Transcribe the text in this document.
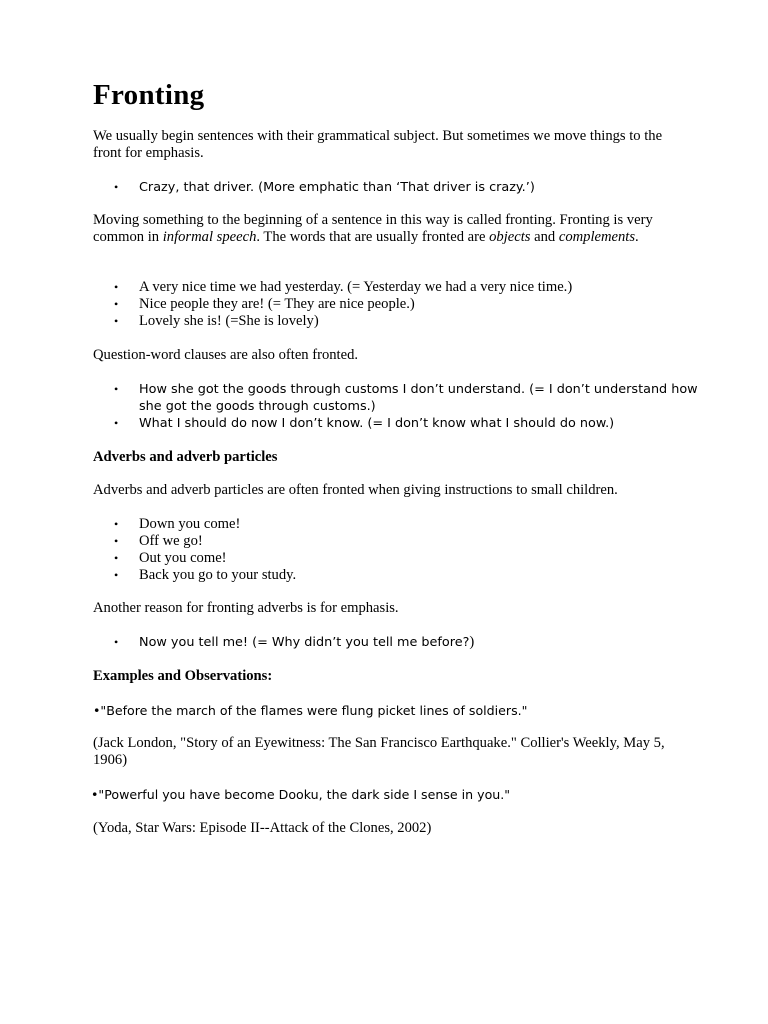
Fronting

We usually begin sentences with their grammatical subject. But sometimes we move things to the front for emphasis.

• Crazy, that driver. (More emphatic than ‘That driver is crazy.’)

Moving something to the beginning of a sentence in this way is called fronting. Fronting is very common in informal speech. The words that are usually fronted are objects and complements.

• A very nice time we had yesterday. (= Yesterday we had a very nice time.)
• Nice people they are! (= They are nice people.)
• Lovely she is! (=She is lovely)

Question-word clauses are also often fronted.

• How she got the goods through customs I don’t understand. (= I don’t understand how she got the goods through customs.)
• What I should do now I don’t know. (= I don’t know what I should do now.)
Adverbs and adverb particles

Adverbs and adverb particles are often fronted when giving instructions to small children.

• Down you come!
• Off we go!
• Out you come!
• Back you go to your study.

Another reason for fronting adverbs is for emphasis.

• Now you tell me! (= Why didn’t you tell me before?)
Examples and Observations:

•"Before the march of the flames were flung picket lines of soldiers."

(Jack London, "Story of an Eyewitness: The San Francisco Earthquake." Collier's Weekly, May 5, 1906)

•"Powerful you have become Dooku, the dark side I sense in you."

(Yoda, Star Wars: Episode II--Attack of the Clones, 2002)
